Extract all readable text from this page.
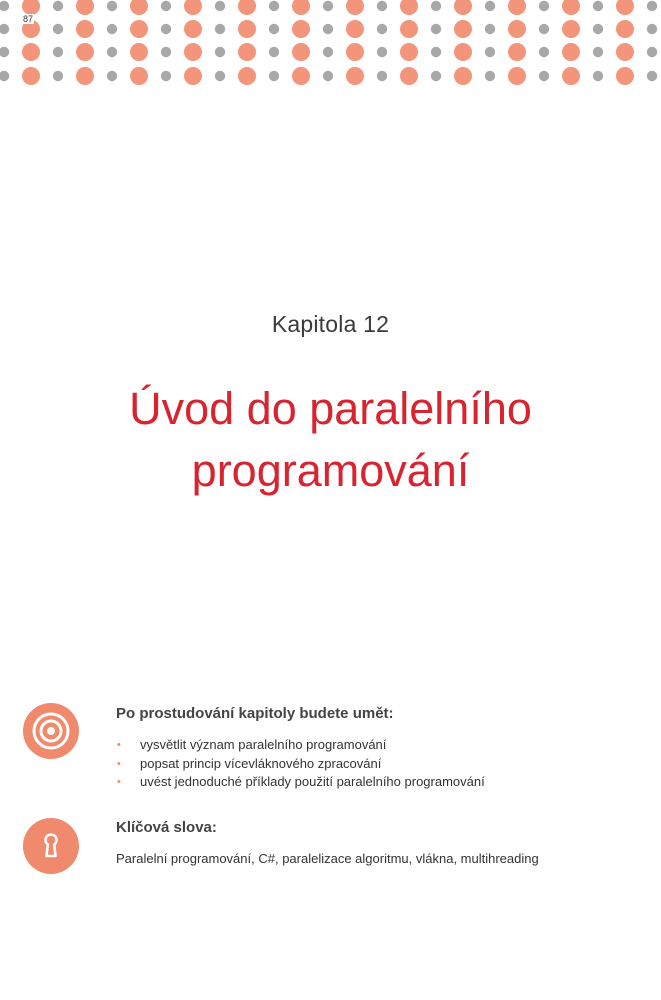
87
Kapitola 12
Úvod do paralelního
programování
Po prostudování kapitoly budete umět:
• vysvětlit význam paralelního programování
• popsat princip vícevláknového zpracování
• uvést jednoduché příklady použití paralelního programování
Klíčová slova:
Paralelní programování, C#, paralelizace algoritmu, vlákna, multihreading
